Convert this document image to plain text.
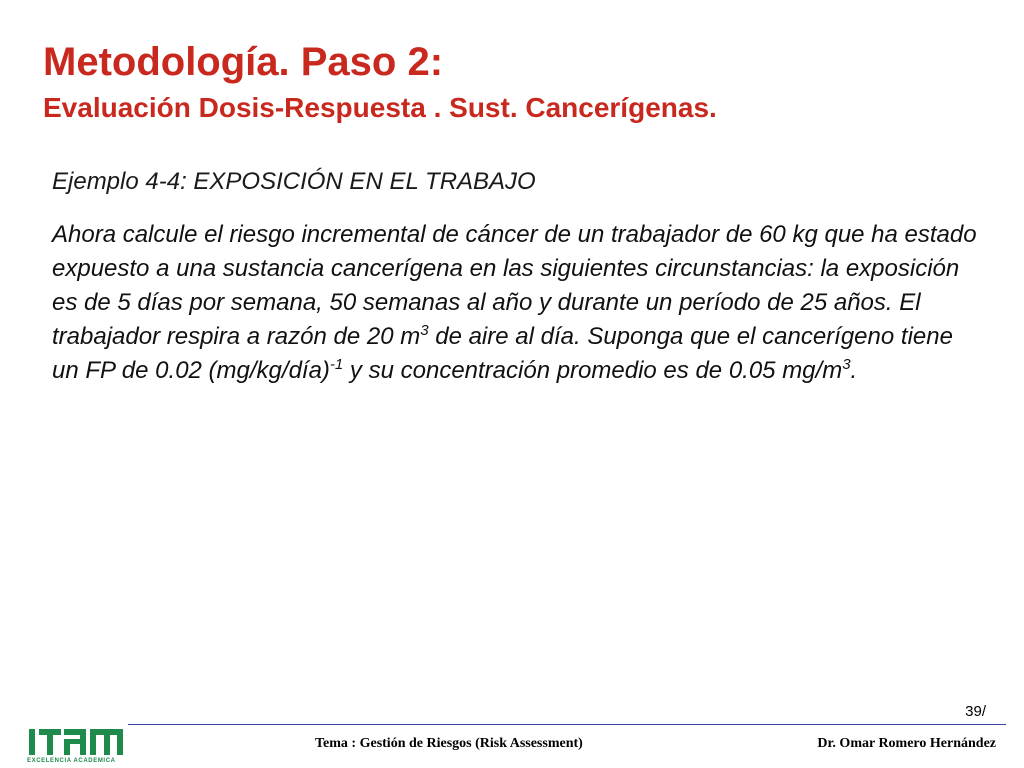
Metodología. Paso 2:
Evaluación Dosis-Respuesta . Sust. Cancerígenas.
Ejemplo 4-4: EXPOSICIÓN EN EL TRABAJO

Ahora calcule el riesgo incremental de cáncer de un trabajador de 60 kg que ha estado expuesto a una sustancia cancerígena en las siguientes circunstancias: la exposición es de 5 días por semana, 50 semanas al año y durante un período de 25 años. El trabajador respira a razón de 20 $m^3$ de aire al día. Suponga que el cancerígeno tiene un FP de 0.02 (mg/kg/día)$^{-1}$ y su concentración promedio es de 0.05 $mg/m^3$.

39/
EXCELENCIA ACADEMICA
Tema : Gestión de Riesgos (Risk Assessment)	Dr. Omar Romero Hernández
